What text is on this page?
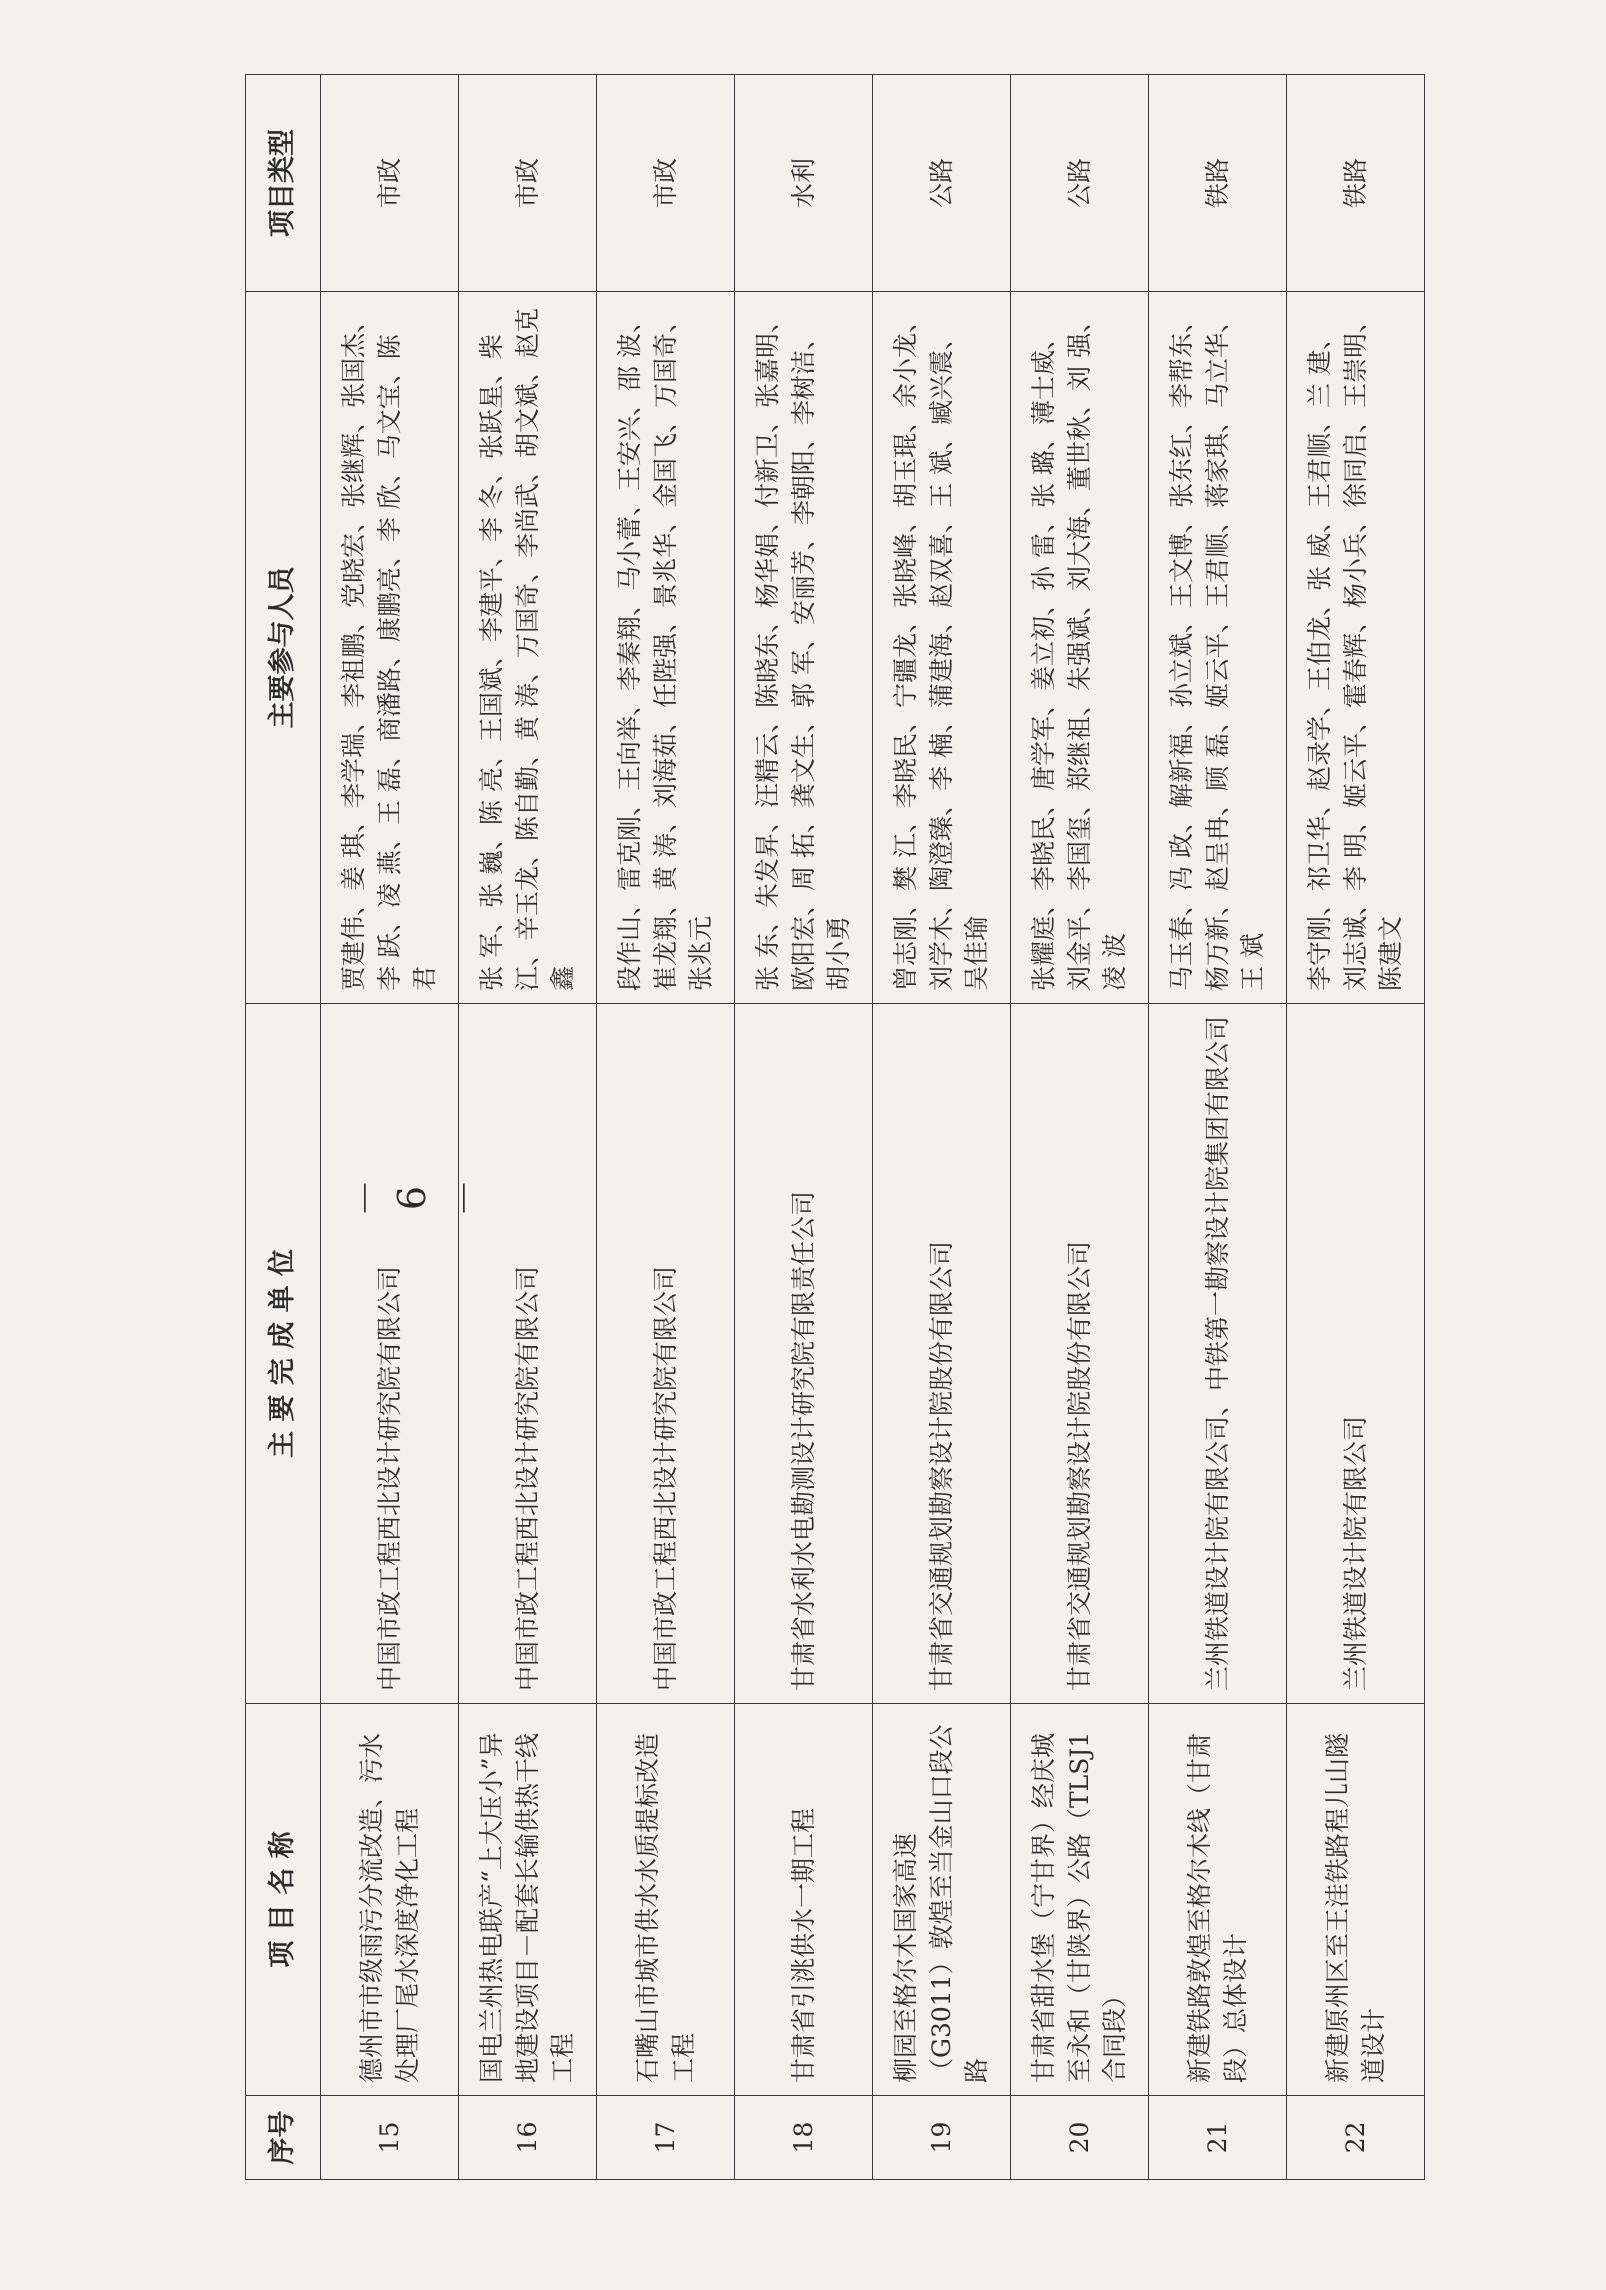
－ 6 －
序号	项 目 名 称	主 要 完 成 单 位	主要参与人员	项目类型
15	德州市市级雨污分流改造、污水处理厂尾水深度净化工程	中国市政工程西北设计研究院有限公司	贾建伟、姜 琪、李学瑞、李祖鹏、党晓宏、张继辉、张国杰、李 跃、凌 燕、王 磊、商潘路、康鹏亮、李 欣、马文宝、陈 君	市政
16	国电兰州热电联产“上大压小”异地建设项目－配套长输供热干线工程	中国市政工程西北设计研究院有限公司	张 军、张 巍、陈 亮、王国斌、李建平、李 冬、张跃星、柴 江、辛玉龙、陈自勤、黄 涛、万国奇、李尚武、胡文斌、赵克鑫	市政
17	石嘴山市城市供水水质提标改造工程	中国市政工程西北设计研究院有限公司	段作山、雷克刚、王向举、李秦翔、马小蕾、王安兴、邵 波、崔龙翔、黄 涛、刘海茹、任陛强、景兆华、金国飞、万国奇、张兆元	市政
18	甘肃省引洮供水一期工程	甘肃省水利水电勘测设计研究院有限责任公司	张 东、朱发昇、汪精云、陈晓东、杨华娟、付新卫、张嘉明、欧阳宏、周 拓、龚文生、郭 军、安丽芳、李朝阳、李树洁、胡小勇	水利
19	柳园至格尔木国家高速（G3011）敦煌至当金山口段公路	甘肃省交通规划勘察设计院股份有限公司	曾志刚、樊 江、李晓民、宁疆龙、张晓峰、胡玉琨、余小龙、刘学木、陶澄臻、李 楠、蒲建海、赵双喜、王 斌、臧兴震、吴佳瑜	公路
20	甘肃省甜水堡（宁甘界）经庆城至永和（甘陕界）公路（TLSJ1合同段）	甘肃省交通规划勘察设计院股份有限公司	张耀庭、李晓民、唐学军、姜立初、孙 雷、张 璐、薄士威、刘金平、李国玺、郑继祖、朱强斌、刘大海、董世秋、刘 强、凌 波	公路
21	新建铁路敦煌至格尔木线（甘肃段）总体设计	兰州铁道设计院有限公司、中铁第一勘察设计院集团有限公司	马玉春、冯 政、解新福、孙立斌、王文博、张东红、李帮东、杨万新、赵呈冉、顾 磊、姬云平、王君顺、蒋家琪、马立华、王 斌	铁路
22	新建原州区至王洼铁路程儿山隧道设计	兰州铁道设计院有限公司	李守刚、祁卫华、赵录学、王伯龙、张 威、王君顺、兰 建、刘志诚、李 明、姬云平、霍春辉、杨小兵、徐同启、王崇明、陈建文	铁路
